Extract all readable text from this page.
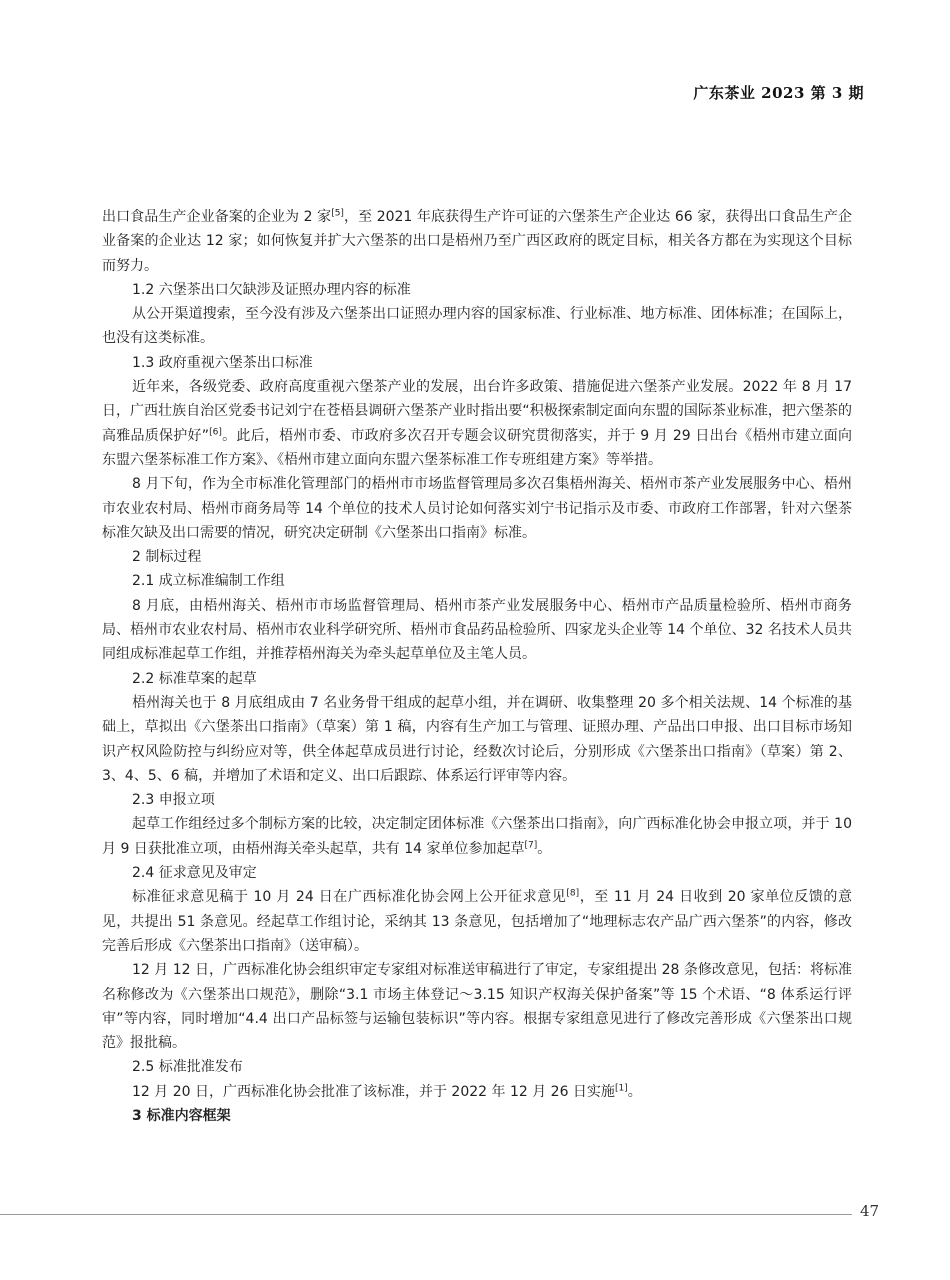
广东茶业 2023 第 3 期

出口食品生产企业备案的企业为 2 家[5]，至 2021 年底获得生产许可证的六堡茶生产企业达 66 家，获得出口食品生产企业备案的企业达 12 家；如何恢复并扩大六堡茶的出口是梧州乃至广西区政府的既定目标，相关各方都在为实现这个目标而努力。

1.2 六堡茶出口欠缺涉及证照办理内容的标准

从公开渠道搜索，至今没有涉及六堡茶出口证照办理内容的国家标准、行业标准、地方标准、团体标准；在国际上，也没有这类标准。

1.3 政府重视六堡茶出口标准

近年来，各级党委、政府高度重视六堡茶产业的发展，出台许多政策、措施促进六堡茶产业发展。2022 年 8 月 17 日，广西壮族自治区党委书记刘宁在苍梧县调研六堡茶产业时指出要“积极探索制定面向东盟的国际茶业标准，把六堡茶的高雅品质保护好”[6]。此后，梧州市委、市政府多次召开专题会议研究贯彻落实，并于 9 月 29 日出台《梧州市建立面向东盟六堡茶标准工作方案》、《梧州市建立面向东盟六堡茶标准工作专班组建方案》等举措。

8 月下旬，作为全市标准化管理部门的梧州市市场监督管理局多次召集梧州海关、梧州市茶产业发展服务中心、梧州市农业农村局、梧州市商务局等 14 个单位的技术人员讨论如何落实刘宁书记指示及市委、市政府工作部署，针对六堡茶标准欠缺及出口需要的情况，研究决定研制《六堡茶出口指南》标准。

2 制标过程

2.1 成立标准编制工作组

8 月底，由梧州海关、梧州市市场监督管理局、梧州市茶产业发展服务中心、梧州市产品质量检验所、梧州市商务局、梧州市农业农村局、梧州市农业科学研究所、梧州市食品药品检验所、四家龙头企业等 14 个单位、32 名技术人员共同组成标准起草工作组，并推荐梧州海关为牵头起草单位及主笔人员。

2.2 标准草案的起草

梧州海关也于 8 月底组成由 7 名业务骨干组成的起草小组，并在调研、收集整理 20 多个相关法规、14 个标准的基础上，草拟出《六堡茶出口指南》（草案）第 1 稿，内容有生产加工与管理、证照办理、产品出口申报、出口目标市场知识产权风险防控与纠纷应对等，供全体起草成员进行讨论，经数次讨论后，分别形成《六堡茶出口指南》（草案）第 2、3、4、5、6 稿，并增加了术语和定义、出口后跟踪、体系运行评审等内容。

2.3 申报立项

起草工作组经过多个制标方案的比较，决定制定团体标准《六堡茶出口指南》，向广西标准化协会申报立项，并于 10 月 9 日获批准立项，由梧州海关牵头起草，共有 14 家单位参加起草[7]。

2.4 征求意见及审定

标准征求意见稿于 10 月 24 日在广西标准化协会网上公开征求意见[8]，至 11 月 24 日收到 20 家单位反馈的意见，共提出 51 条意见。经起草工作组讨论，采纳其 13 条意见，包括增加了“地理标志农产品广西六堡茶”的内容，修改完善后形成《六堡茶出口指南》（送审稿）。

12 月 12 日，广西标准化协会组织审定专家组对标准送审稿进行了审定，专家组提出 28 条修改意见，包括：将标准名称修改为《六堡茶出口规范》，删除“3.1 市场主体登记～3.15 知识产权海关保护备案”等 15 个术语、“8 体系运行评审”等内容，同时增加“4.4 出口产品标签与运输包装标识”等内容。根据专家组意见进行了修改完善形成《六堡茶出口规范》报批稿。

2.5 标准批准发布

12 月 20 日，广西标准化协会批准了该标准，并于 2022 年 12 月 26 日实施[1]。

3 标准内容框架

47
